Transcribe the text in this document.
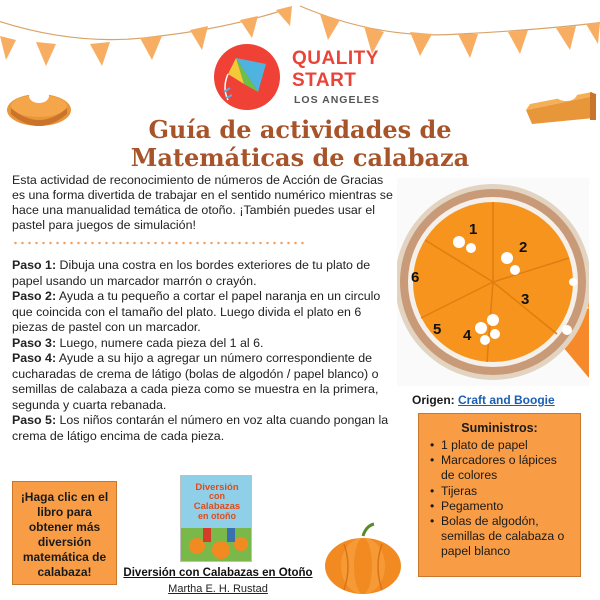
QUALITY
START
LOS ANGELES
Guía de actividades de
Matemáticas de calabaza
Esta actividad de reconocimiento de números de Acción de Gracias es una forma divertida de trabajar en el sentido numérico mientras se hace una manualidad temática de otoño. ¡También puedes usar el pastel para juegos de simulación!

Paso 1: Dibuja una costra en los bordes exteriores de tu plato de papel usando un marcador marrón o crayón.

Paso 2: Ayuda a tu pequeño a cortar el papel naranja en un circulo que coincida con el tamaño del plato. Luego divida el plato en 6 piezas de pastel con un marcador.

Paso 3: Luego, numere cada pieza del 1 al 6.

Paso 4: Ayude a su hijo a agregar un número correspondiente de cucharadas de crema de látigo (bolas de algodón / papel blanco) o semillas de calabaza a cada pieza como se muestra en la primera, segunda y cuarta rebanada.

Paso 5: Los niños contarán el número en voz alta cuando pongan la crema de látigo encima de cada pieza.

1
2
3
4
5
6
Origen: Craft and Boogie
Suministros:
• 1 plato de papel
• Marcadores o lápices de colores
• Tijeras
• Pegamento
• Bolas de algodón, semillas de calabaza o papel blanco
¡Haga clic en el libro para obtener más diversión matemática de calabaza!
Diversión
con
Calabazas
en otoño
Diversión con Calabazas en Otoño
Martha E. H. Rustad
